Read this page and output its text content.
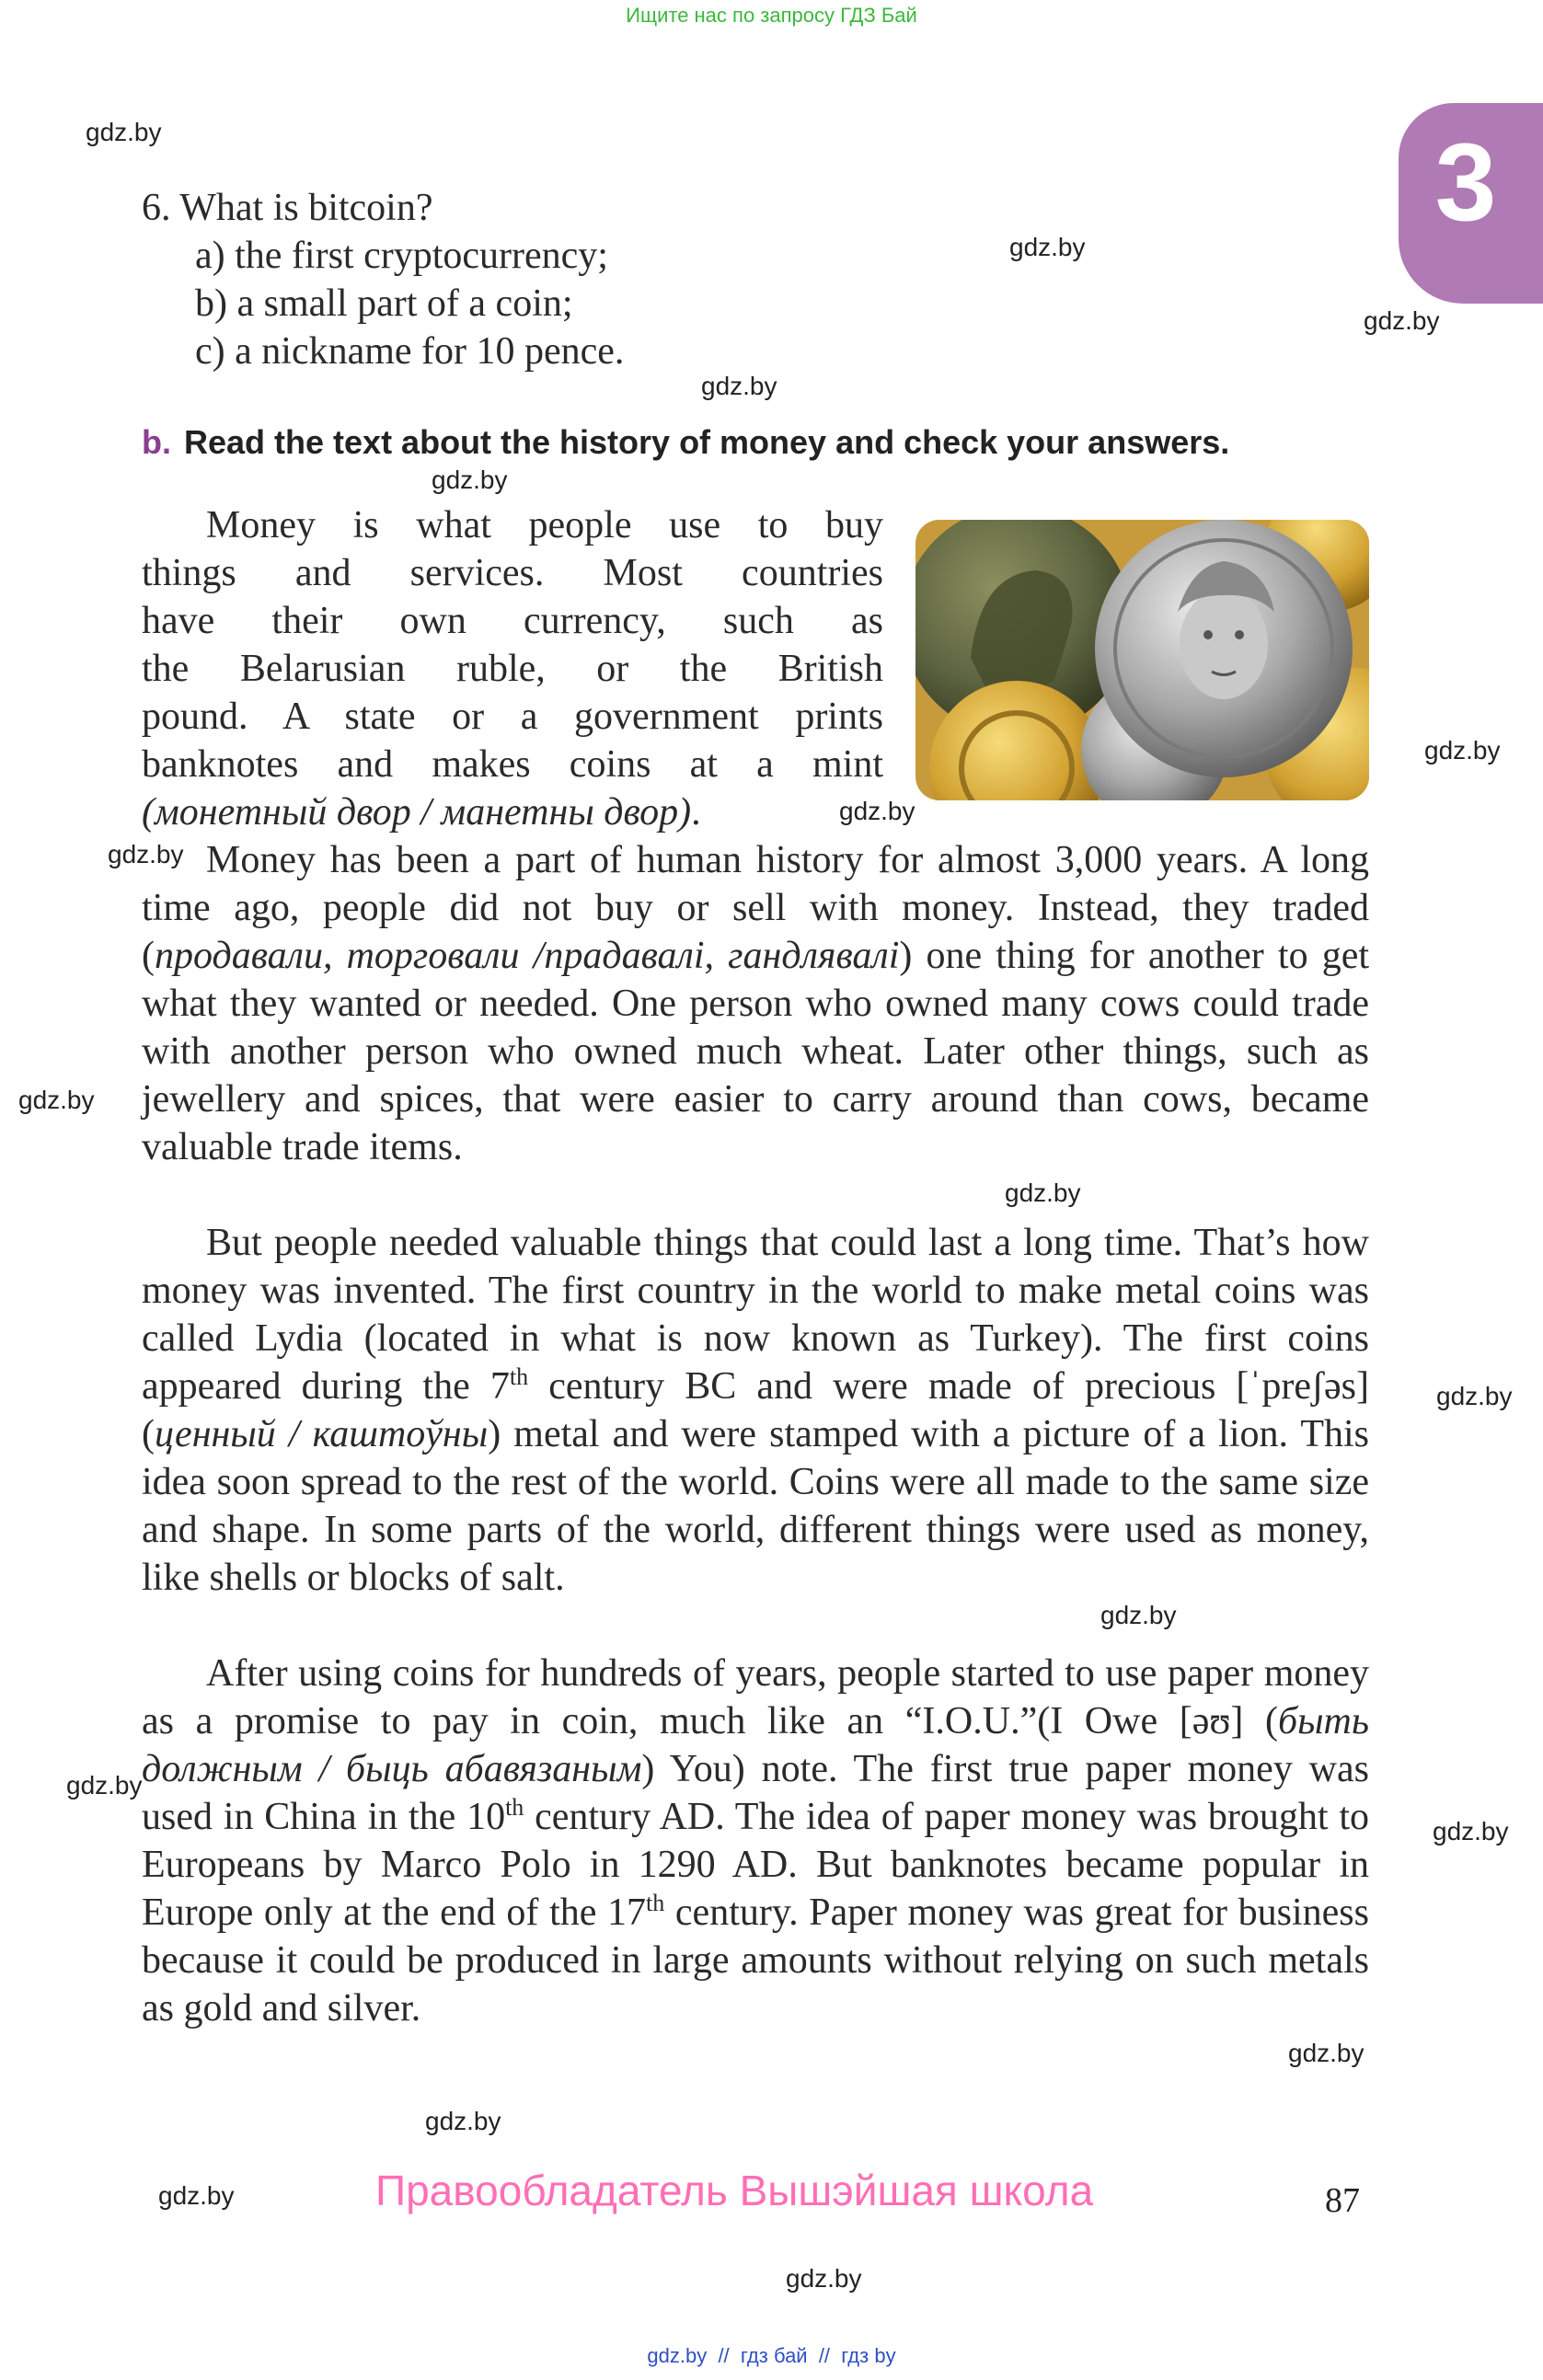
Ищите нас по запросу ГДЗ Бай
gdz.by
gdz.by
gdz.by
gdz.by
gdz.by
gdz.by
gdz.by
gdz.by
gdz.by
gdz.by
gdz.by
gdz.by
gdz.by
gdz.by
gdz.by
gdz.by
gdz.by
gdz.by
3
6. What is bitcoin?
a) the first cryptocurrency;
b) a small part of a coin;
c) a nickname for 10 pence.
b. Read the text about the history of money and check your answers.
Money is what people use to buy
things and services. Most countries
have their own currency, such as
the Belarusian ruble, or the British
pound. A state or a government prints
banknotes and makes coins at a mint
(монетный двор / манетны двор).
Money has been a part of human history for almost 3,000 years. A long time ago, people did not buy or sell with money. Instead, they traded (продавали, торговали /прадавалі, гандлявалі) one thing for another to get what they wanted or needed. One person who owned many cows could trade with another person who owned much wheat. Later other things, such as jewellery and spices, that were easier to carry around than cows, became valuable trade items.
But people needed valuable things that could last a long time. That’s how money was invented. The first country in the world to make metal coins was called Lydia (located in what is now known as Turkey). The first coins appeared during the 7th century BC and were made of precious [ˈpreʃəs] (ценный / каштоўны) metal and were stamped with a picture of a lion. This idea soon spread to the rest of the world. Coins were all made to the same size and shape. In some parts of the world, different things were used as money, like shells or blocks of salt.
After using coins for hundreds of years, people started to use paper money as a promise to pay in coin, much like an “I.O.U.”(I Owe [əʊ] (быть должным / быць абавязаным) You) note. The first true paper money was used in China in the 10th century AD. The idea of paper money was brought to Europeans by Marco Polo in 1290 AD. But banknotes became popular in Europe only at the end of the 17th century. Paper money was great for business because it could be produced in large amounts without relying on such metals as gold and silver.
Правообладатель Вышэйшая школа	87
gdz.by  //  гдз бай  //  гдз by
